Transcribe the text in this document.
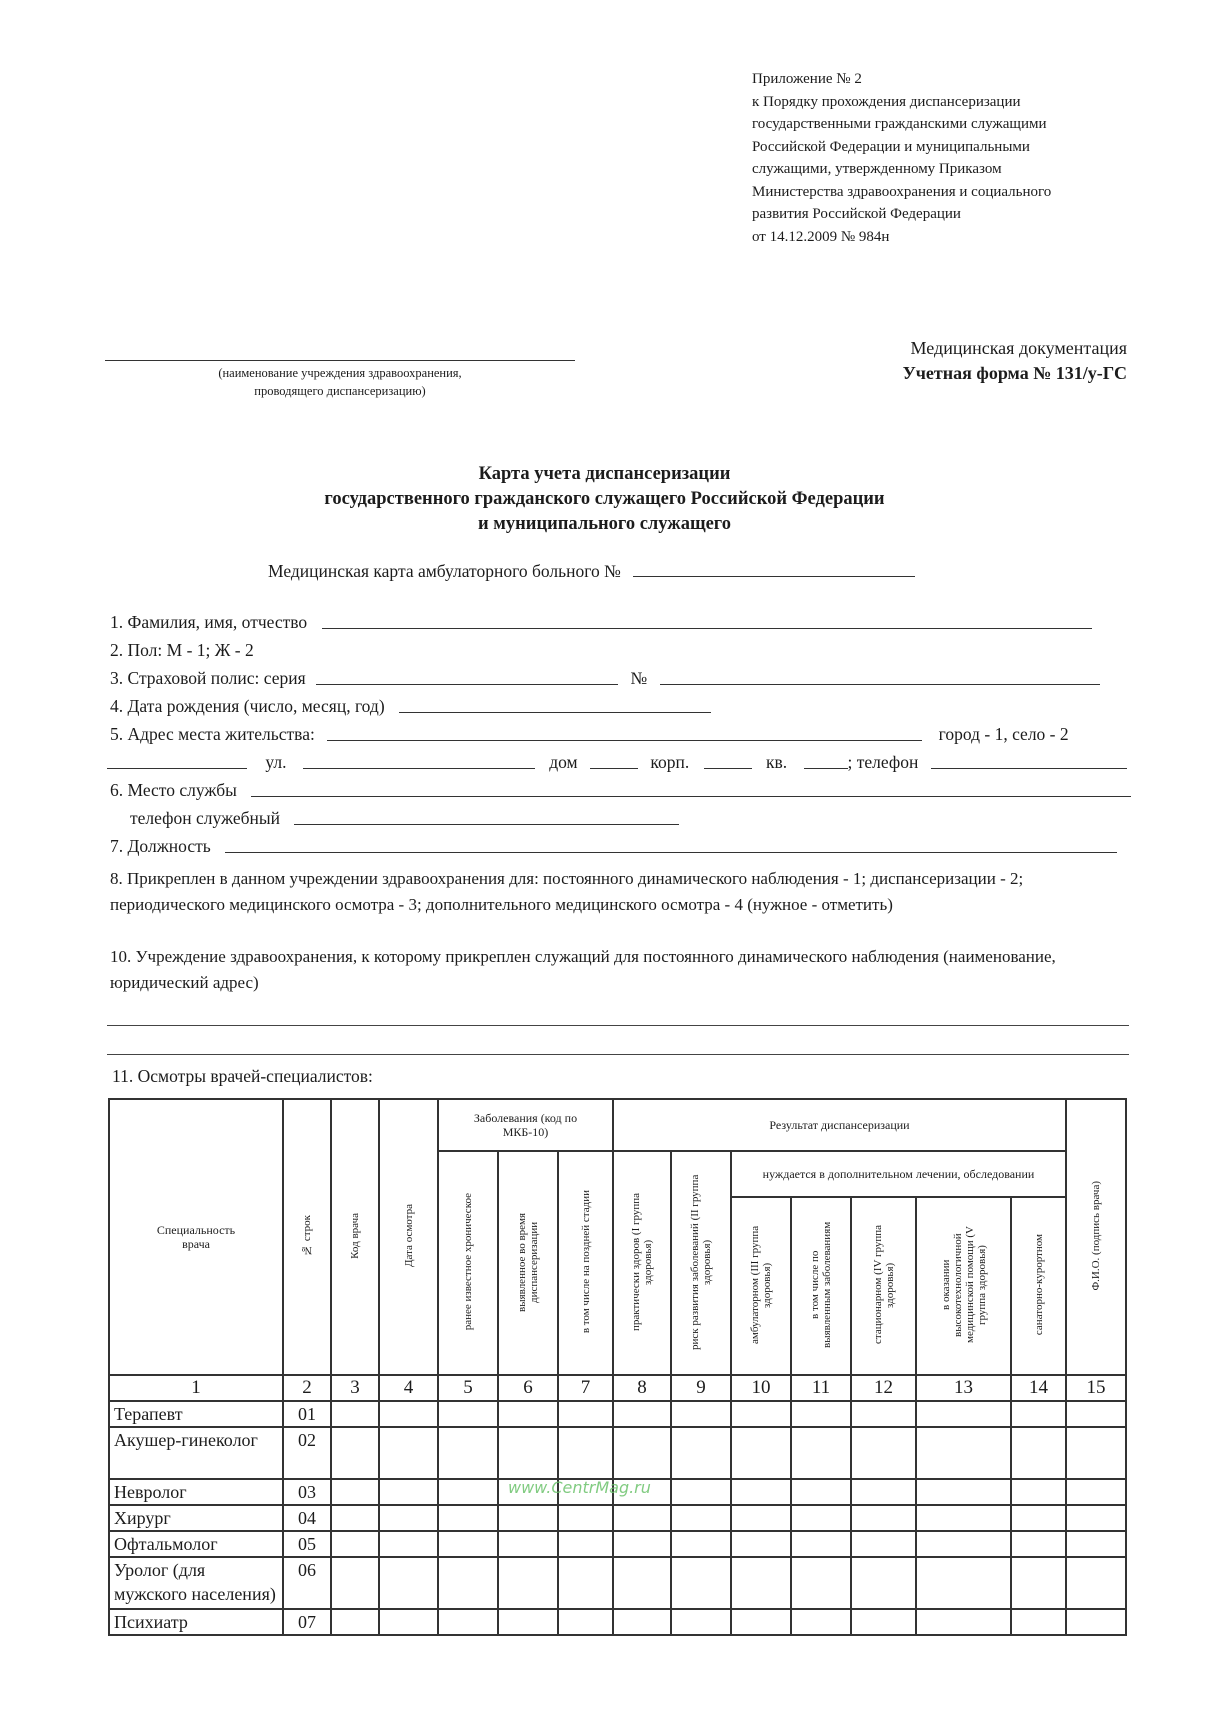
Приложение № 2
к Порядку прохождения диспансеризации
государственными гражданскими служащими
Российской Федерации и муниципальными
служащими, утвержденному Приказом
Министерства здравоохранения и социального
развития Российской Федерации
от 14.12.2009 № 984н
(наименование учреждения здравоохранения,
проводящего диспансеризацию)
Медицинская документация
Учетная форма № 131/у-ГС
Карта учета диспансеризации
государственного гражданского служащего Российской Федерации
и муниципального служащего
Медицинская карта амбулаторного больного №
1. Фамилия, имя, отчество
2. Пол: М - 1; Ж - 2
3. Страховой полис: серия	№
4. Дата рождения (число, месяц, год)
5. Адрес места жительства:	город - 1, село - 2
ул.	дом	корп.	кв.	; телефон
6. Место службы
телефон служебный
7. Должность
8. Прикреплен в данном учреждении здравоохранения для: постоянного динамического наблюдения - 1; диспансеризации - 2; периодического медицинского осмотра - 3; дополнительного медицинского осмотра - 4 (нужное - отметить)
10. Учреждение здравоохранения, к которому прикреплен служащий для постоянного динамического наблюдения (наименование, юридический адрес)
11. Осмотры врачей-специалистов:
Специальность врача	№ строк	Код врача	Дата осмотра	Заболевания (код по МКБ-10)			Результат диспансеризации							Ф.И.О. (подпись врача)
				ранее известное хроническое	выявленное во время диспансеризации	в том числе на поздней стадии	практически здоров (I группа здоровья)	риск развития заболеваний (II группа здоровья)	нуждается в дополнительном лечении, обследовании					
									амбулаторном (III группа здоровья)	в том числе по выявленным заболеваниям	стационарном (IV группа здоровья)	в оказании высокотехнологичной медицинской помощи (V группа здоровья)	санаторно-курортном	
1	2	3	4	5	6	7	8	9	10	11	12	13	14	15
Терапевт	01													
Акушер-гинеколог	02													
Невролог	03													
Хирург	04													
Офтальмолог	05													
Уролог (для мужского населения)	06													
Психиатр	07													
www.CentrMag.ru
